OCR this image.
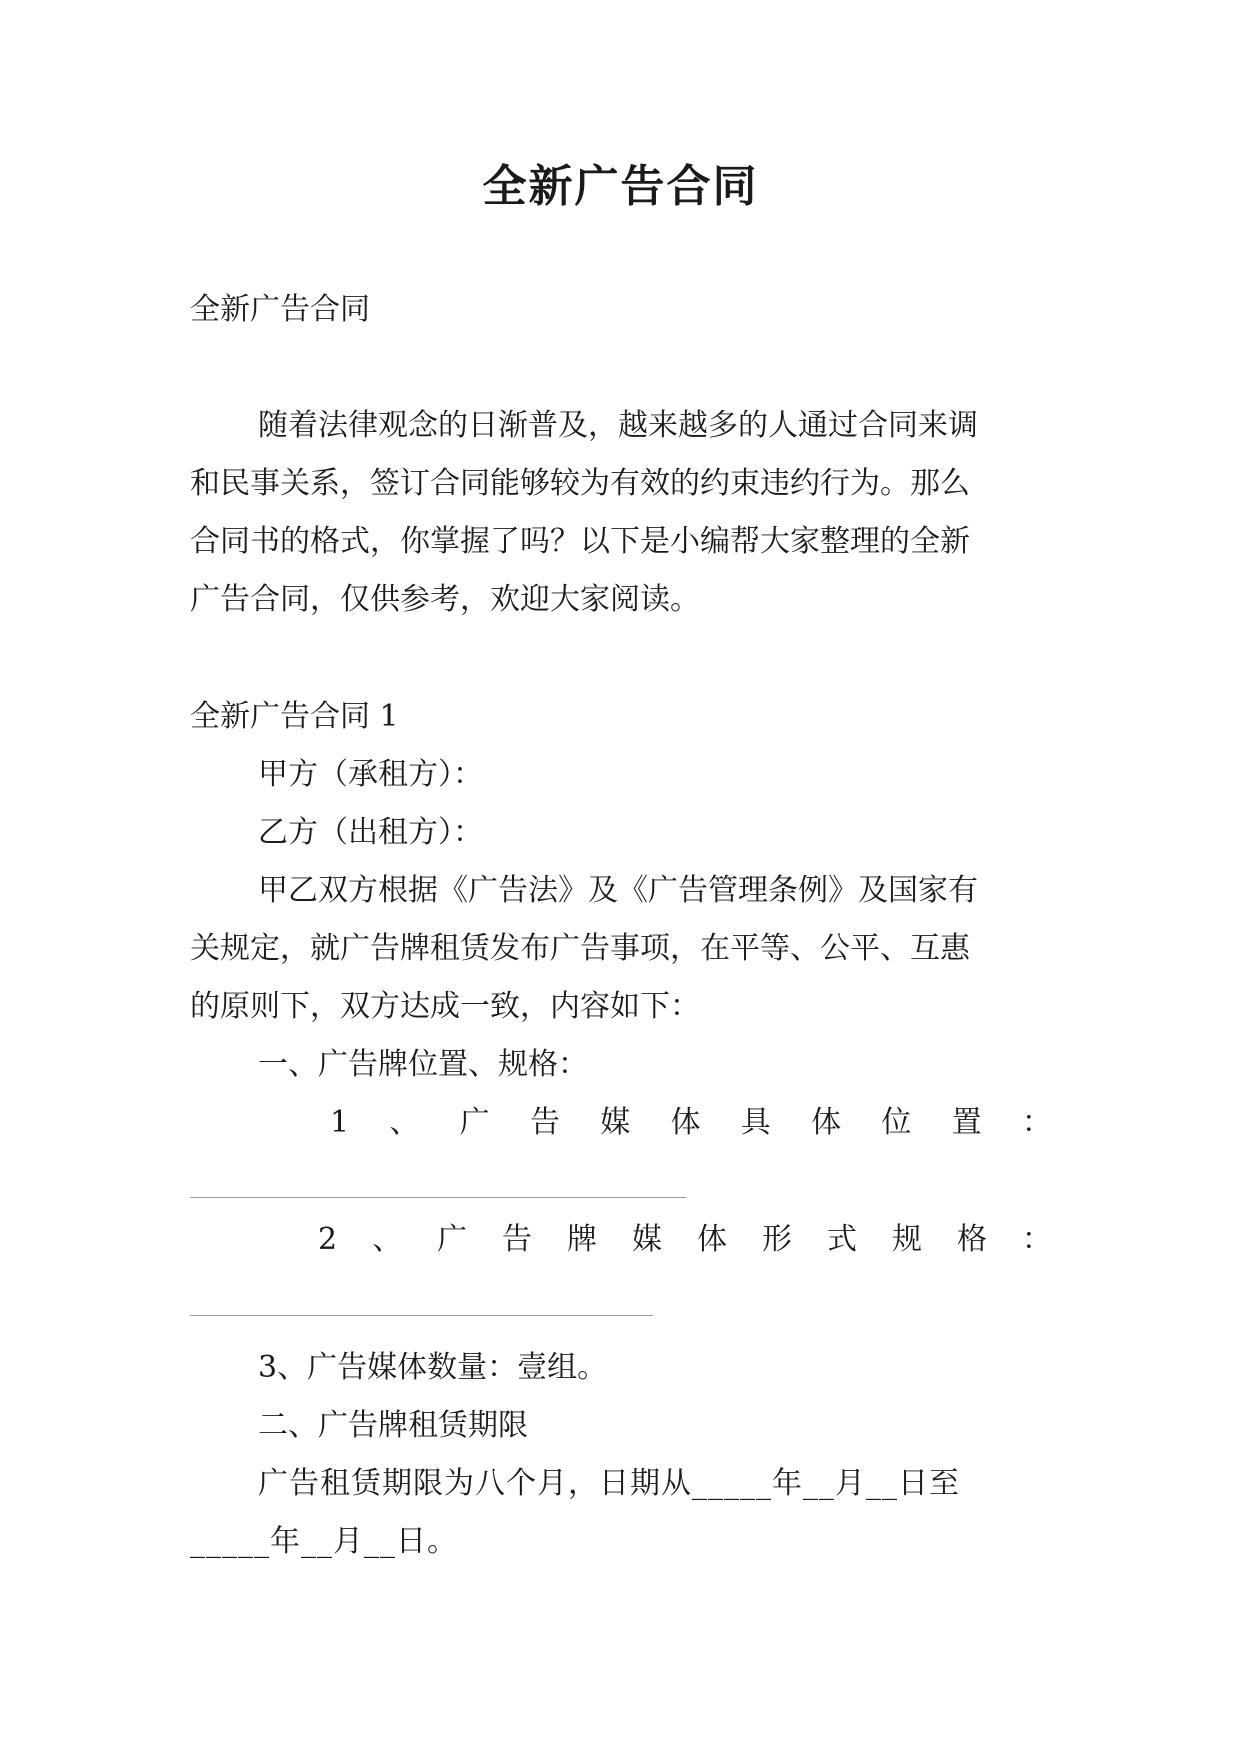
全新广告合同

全新广告合同

随着法律观念的日渐普及，越来越多的人通过合同来调

和民事关系，签订合同能够较为有效的约束违约行为。那么

合同书的格式，你掌握了吗？以下是小编帮大家整理的全新

广告合同，仅供参考，欢迎大家阅读。

全新广告合同 1

甲方（承租方）：

乙方（出租方）：

甲乙双方根据《广告法》及《广告管理条例》及国家有

关规定，就广告牌租赁发布广告事项，在平等、公平、互惠

的原则下，双方达成一致，内容如下：

一、广告牌位置、规格：

1 、 广 告 媒 体 具 体 位 置 ：

2 、 广 告 牌 媒 体 形 式 规 格 ：

3、广告媒体数量：壹组。

二、广告牌租赁期限

广告租赁期限为八个月，日期从_____年__月__日至

_____年__月__日。
